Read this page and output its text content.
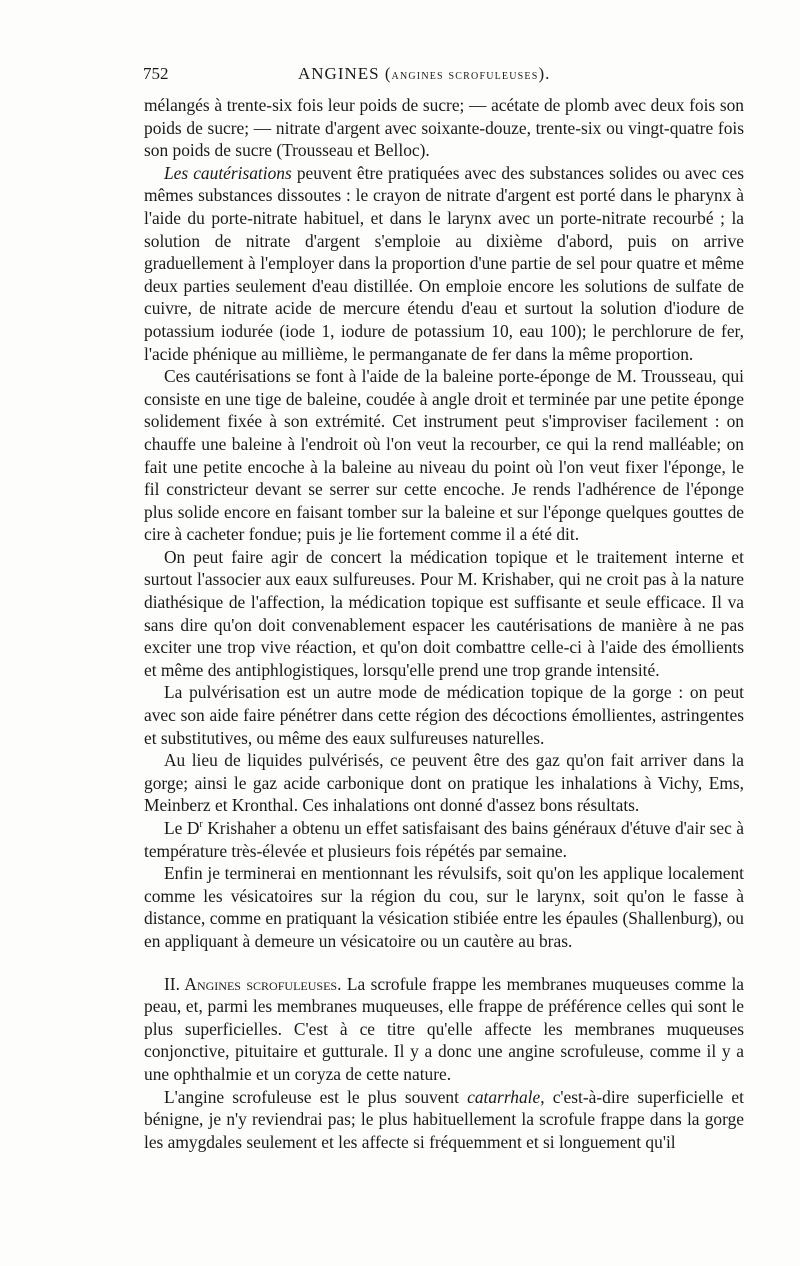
752	ANGINES (angines scrofuleuses).

mélangés à trente-six fois leur poids de sucre; — acétate de plomb avec deux fois son poids de sucre; — nitrate d'argent avec soixante-douze, trente-six ou vingt-quatre fois son poids de sucre (Trousseau et Belloc).

Les cautérisations peuvent être pratiquées avec des substances solides ou avec ces mêmes substances dissoutes : le crayon de nitrate d'argent est porté dans le pharynx à l'aide du porte-nitrate habituel, et dans le larynx avec un porte-nitrate recourbé ; la solution de nitrate d'argent s'emploie au dixième d'abord, puis on arrive graduellement à l'employer dans la proportion d'une partie de sel pour quatre et même deux parties seulement d'eau distillée. On emploie encore les solutions de sulfate de cuivre, de nitrate acide de mercure étendu d'eau et surtout la solution d'iodure de potassium iodurée (iode 1, iodure de potassium 10, eau 100); le perchlorure de fer, l'acide phénique au millième, le permanganate de fer dans la même proportion.

Ces cautérisations se font à l'aide de la baleine porte-éponge de M. Trousseau, qui consiste en une tige de baleine, coudée à angle droit et terminée par une petite éponge solidement fixée à son extrémité. Cet instrument peut s'improviser facilement : on chauffe une baleine à l'endroit où l'on veut la recourber, ce qui la rend malléable; on fait une petite encoche à la baleine au niveau du point où l'on veut fixer l'éponge, le fil constricteur devant se serrer sur cette encoche. Je rends l'adhérence de l'éponge plus solide encore en faisant tomber sur la baleine et sur l'éponge quelques gouttes de cire à cacheter fondue; puis je lie fortement comme il a été dit.

On peut faire agir de concert la médication topique et le traitement interne et surtout l'associer aux eaux sulfureuses. Pour M. Krishaber, qui ne croit pas à la nature diathésique de l'affection, la médication topique est suffisante et seule efficace. Il va sans dire qu'on doit convenablement espacer les cautérisations de manière à ne pas exciter une trop vive réaction, et qu'on doit combattre celle-ci à l'aide des émollients et même des antiphlogistiques, lorsqu'elle prend une trop grande intensité.

La pulvérisation est un autre mode de médication topique de la gorge : on peut avec son aide faire pénétrer dans cette région des décoctions émollientes, astringentes et substitutives, ou même des eaux sulfureuses naturelles.

Au lieu de liquides pulvérisés, ce peuvent être des gaz qu'on fait arriver dans la gorge; ainsi le gaz acide carbonique dont on pratique les inhalations à Vichy, Ems, Meinberz et Kronthal. Ces inhalations ont donné d'assez bons résultats.

Le $D^r$ Krishaher a obtenu un effet satisfaisant des bains généraux d'étuve d'air sec à température très-élevée et plusieurs fois répétés par semaine.

Enfin je terminerai en mentionnant les révulsifs, soit qu'on les applique localement comme les vésicatoires sur la région du cou, sur le larynx, soit qu'on le fasse à distance, comme en pratiquant la vésication stibiée entre les épaules (Shallenburg), ou en appliquant à demeure un vésicatoire ou un cautère au bras.

II. Angines scrofuleuses. La scrofule frappe les membranes muqueuses comme la peau, et, parmi les membranes muqueuses, elle frappe de préférence celles qui sont le plus superficielles. C'est à ce titre qu'elle affecte les membranes muqueuses conjonctive, pituitaire et gutturale. Il y a donc une angine scrofuleuse, comme il y a une ophthalmie et un coryza de cette nature.

L'angine scrofuleuse est le plus souvent catarrhale, c'est-à-dire superficielle et bénigne, je n'y reviendrai pas; le plus habituellement la scrofule frappe dans la gorge les amygdales seulement et les affecte si fréquemment et si longuement qu'il
